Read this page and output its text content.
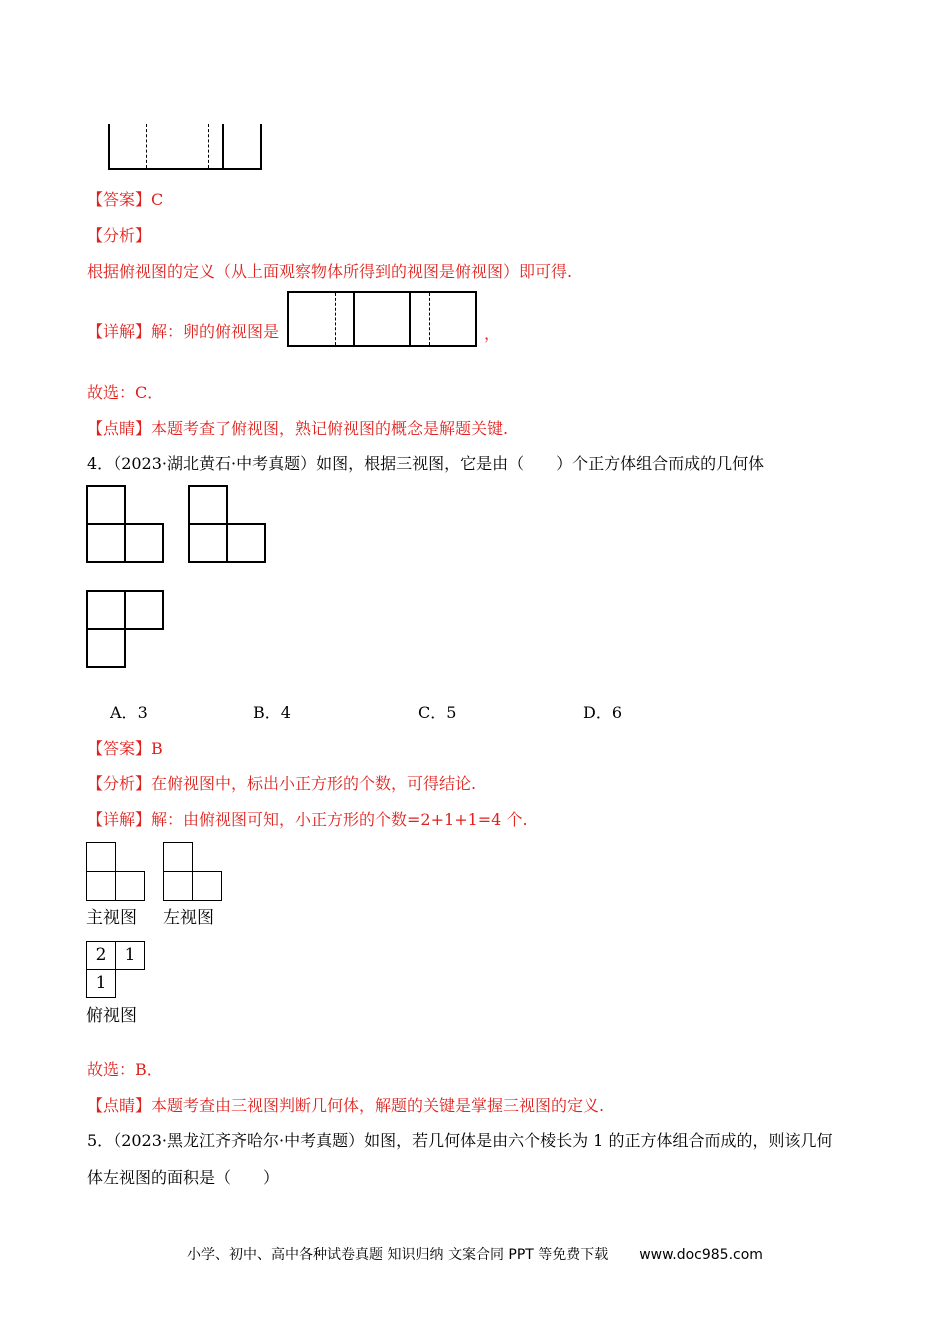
【答案】C
【分析】
根据俯视图的定义（从上面观察物体所得到的视图是俯视图）即可得.
【详解】解：卵的俯视图是	，
故选：C．
【点睛】本题考查了俯视图，熟记俯视图的概念是解题关键.
4．（2023·湖北黄石·中考真题）如图，根据三视图，它是由（　　）个正方体组合而成的几何体
A．3	B．4	C．5	D．6
【答案】B
【分析】在俯视图中，标出小正方形的个数，可得结论.
【详解】解：由俯视图可知，小正方形的个数=2+1+1=4 个.
主视图 左视图
2	1
1
俯视图
故选：B．
【点睛】本题考查由三视图判断几何体，解题的关键是掌握三视图的定义.
5．（2023·黑龙江齐齐哈尔·中考真题）如图，若几何体是由六个棱长为 1 的正方体组合而成的，则该几何
体左视图的面积是（　　）
小学、初中、高中各种试卷真题 知识归纳 文案合同 PPT 等免费下载 www.doc985.com
